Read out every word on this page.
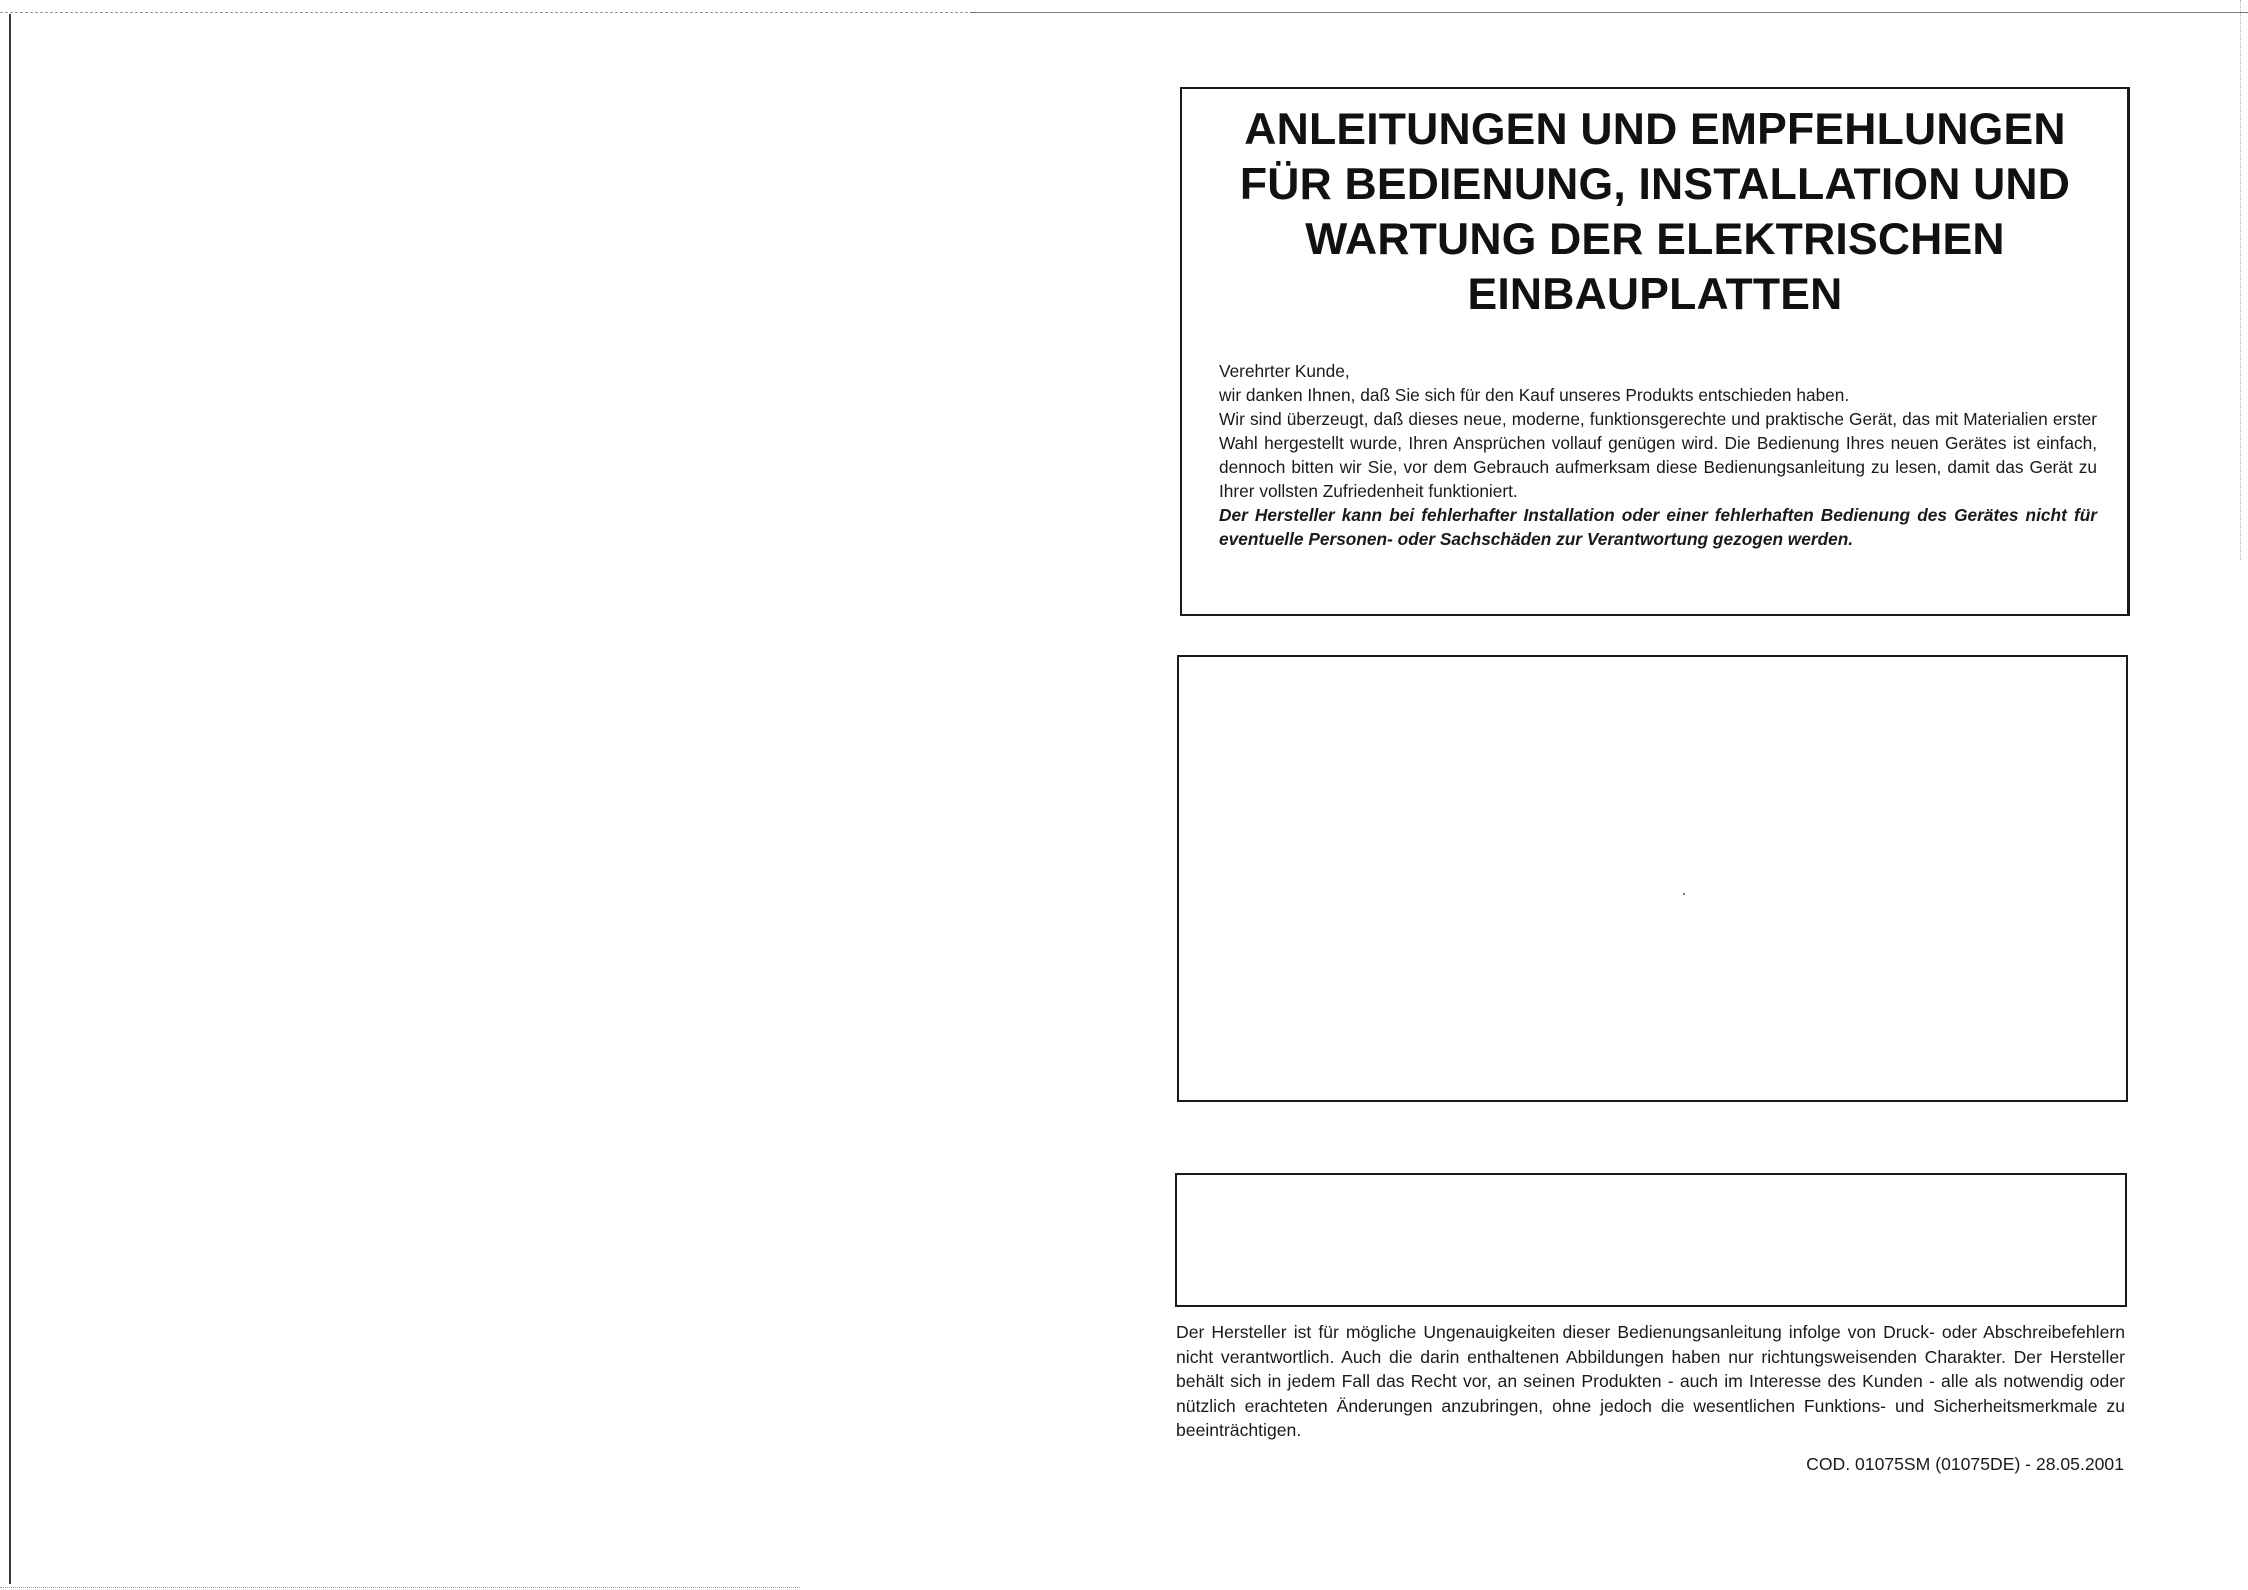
ANLEITUNGEN UND EMPFEHLUNGEN
FÜR BEDIENUNG, INSTALLATION UND
WARTUNG DER ELEKTRISCHEN
EINBAUPLATTEN

Verehrter Kunde,

wir danken Ihnen, daß Sie sich für den Kauf unseres Produkts entschieden haben.

Wir sind überzeugt, daß dieses neue, moderne, funktionsgerechte und praktische Gerät, das mit Materialien erster Wahl hergestellt wurde, Ihren Ansprüchen vollauf genügen wird. Die Bedienung Ihres neuen Gerätes ist einfach, dennoch bitten wir Sie, vor dem Gebrauch aufmerksam diese Bedienungsanleitung zu lesen, damit das Gerät zu Ihrer vollsten Zufriedenheit funktioniert.

Der Hersteller kann bei fehlerhafter Installation oder einer fehlerhaften Bedienung des Gerätes nicht für eventuelle Personen- oder Sachschäden zur Verantwortung gezogen werden.

Der Hersteller ist für mögliche Ungenauigkeiten dieser Bedienungsanleitung infolge von Druck- oder Abschreibefehlern nicht verantwortlich. Auch die darin enthaltenen Abbildungen haben nur richtungsweisenden Charakter. Der Hersteller behält sich in jedem Fall das Recht vor, an seinen Produkten - auch im Interesse des Kunden - alle als notwendig oder nützlich erachteten Änderungen anzubringen, ohne jedoch die wesentlichen Funktions- und Sicherheitsmerkmale zu beeinträchtigen.
COD. 01075SM (01075DE) - 28.05.2001
